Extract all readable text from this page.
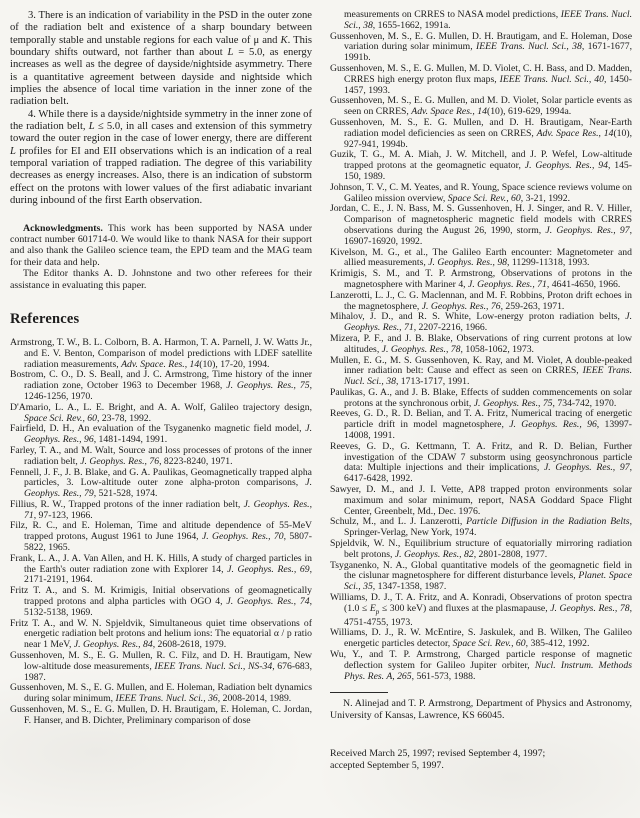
3. There is an indication of variability in the PSD in the outer zone of the radiation belt and existence of a sharp boundary between temporally stable and unstable regions for each value of μ and K. This boundary shifts outward, not farther than about L = 5.0, as energy increases as well as the degree of dayside/nightside asymmetry. There is a quantitative agreement between dayside and nightside which implies the absence of local time variation in the inner zone of the radiation belt.

4. While there is a dayside/nightside symmetry in the inner zone of the radiation belt, L ≤ 5.0, in all cases and extension of this symmetry toward the outer region in the case of lower energy, there are different L profiles for EI and EII observations which is an indication of a real temporal variation of trapped radiation. The degree of this variability decreases as energy increases. Also, there is an indication of substorm effect on the protons with lower values of the first adiabatic invariant during inbound of the first Earth observation.

Acknowledgments. This work has been supported by NASA under contract number 601714-0. We would like to thank NASA for their support and also thank the Galileo science team, the EPD team and the MAG team for their data and help.

The Editor thanks A. D. Johnstone and two other referees for their assistance in evaluating this paper.

References

Armstrong, T. W., B. L. Colborn, B. A. Harmon, T. A. Parnell, J. W. Watts Jr., and E. V. Benton, Comparison of model predictions with LDEF satellite radiation measurements, Adv. Space. Res., 14(10), 17-20, 1994.

Bostrom, C. O., D. S. Beall, and J. C. Armstrong, Time history of the inner radiation zone, October 1963 to December 1968, J. Geophys. Res., 75, 1246-1256, 1970.

D'Amario, L. A., L. E. Bright, and A. A. Wolf, Galileo trajectory design, Space Sci. Rev., 60, 23-78, 1992.

Fairfield, D. H., An evaluation of the Tsyganenko magnetic field model, J. Geophys. Res., 96, 1481-1494, 1991.

Farley, T. A., and M. Walt, Source and loss processes of protons of the inner radiation belt, J. Geophys. Res., 76, 8223-8240, 1971.

Fennell, J. F., J. B. Blake, and G. A. Paulikas, Geomagnetically trapped alpha particles, 3. Low-altitude outer zone alpha-proton comparisons, J. Geophys. Res., 79, 521-528, 1974.

Fillius, R. W., Trapped protons of the inner radiation belt, J. Geophys. Res., 71, 97-123, 1966.

Filz, R. C., and E. Holeman, Time and altitude dependence of 55-MeV trapped protons, August 1961 to June 1964, J. Geophys. Res., 70, 5807-5822, 1965.

Frank, L. A., J. A. Van Allen, and H. K. Hills, A study of charged particles in the Earth's outer radiation zone with Explorer 14, J. Geophys. Res., 69, 2171-2191, 1964.

Fritz T. A., and S. M. Krimigis, Initial observations of geomagnetically trapped protons and alpha particles with OGO 4, J. Geophys. Res., 74, 5132-5138, 1969.

Fritz T. A., and W. N. Spjeldvik, Simultaneous quiet time observations of energetic radiation belt protons and helium ions: The equatorial α / p ratio near 1 MeV, J. Geophys. Res., 84, 2608-2618, 1979.

Gussenhoven, M. S., E. G. Mullen, R. C. Filz, and D. H. Brautigam, New low-altitude dose measurements, IEEE Trans. Nucl. Sci., NS-34, 676-683, 1987.

Gussenhoven, M. S., E. G. Mullen, and E. Holeman, Radiation belt dynamics during solar minimum, IEEE Trans. Nucl. Sci., 36, 2008-2014, 1989.

Gussenhoven, M. S., E. G. Mullen, D. H. Brautigam, E. Holeman, C. Jordan, F. Hanser, and B. Dichter, Preliminary comparison of dose

measurements on CRRES to NASA model predictions, IEEE Trans. Nucl. Sci., 38, 1655-1662, 1991a.

Gussenhoven, M. S., E. G. Mullen, D. H. Brautigam, and E. Holeman, Dose variation during solar minimum, IEEE Trans. Nucl. Sci., 38, 1671-1677, 1991b.

Gussenhoven, M. S., E. G. Mullen, M. D. Violet, C. H. Bass, and D. Madden, CRRES high energy proton flux maps, IEEE Trans. Nucl. Sci., 40, 1450-1457, 1993.

Gussenhoven, M. S., E. G. Mullen, and M. D. Violet, Solar particle events as seen on CRRES, Adv. Space Res., 14(10), 619-629, 1994a.

Gussenhoven, M. S., E. G. Mullen, and D. H. Brautigam, Near-Earth radiation model deficiencies as seen on CRRES, Adv. Space Res., 14(10), 927-941, 1994b.

Guzik, T. G., M. A. Miah, J. W. Mitchell, and J. P. Wefel, Low-altitude trapped protons at the geomagnetic equator, J. Geophys. Res., 94, 145-150, 1989.

Johnson, T. V., C. M. Yeates, and R. Young, Space science reviews volume on Galileo mission overview, Space Sci. Rev., 60, 3-21, 1992.

Jordan, C. E., J. N. Bass, M. S. Gussenhoven, H. J. Singer, and R. V. Hiller, Comparison of magnetospheric magnetic field models with CRRES observations during the August 26, 1990, storm, J. Geophys. Res., 97, 16907-16920, 1992.

Kivelson, M. G., et al., The Galileo Earth encounter: Magnetometer and allied measurements, J. Geophys. Res., 98, 11299-11318, 1993.

Krimigis, S. M., and T. P. Armstrong, Observations of protons in the magnetosphere with Mariner 4, J. Geophys. Res., 71, 4641-4650, 1966.

Lanzerotti, L. J., C. G. Maclennan, and M. F. Robbins, Proton drift echoes in the magnetosphere, J. Geophys. Res., 76, 259-263, 1971.

Mihalov, J. D., and R. S. White, Low-energy proton radiation belts, J. Geophys. Res., 71, 2207-2216, 1966.

Mizera, P. F., and J. B. Blake, Observations of ring current protons at low altitudes, J. Geophys. Res., 78, 1058-1062, 1973.

Mullen, E. G., M. S. Gussenhoven, K. Ray, and M. Violet, A double-peaked inner radiation belt: Cause and effect as seen on CRRES, IEEE Trans. Nucl. Sci., 38, 1713-1717, 1991.

Paulikas, G. A., and J. B. Blake, Effects of sudden commencements on solar protons at the synchronous orbit, J. Geophys. Res., 75, 734-742, 1970.

Reeves, G. D., R. D. Belian, and T. A. Fritz, Numerical tracing of energetic particle drift in model magnetosphere, J. Geophys. Res., 96, 13997-14008, 1991.

Reeves, G. D., G. Kettmann, T. A. Fritz, and R. D. Belian, Further investigation of the CDAW 7 substorm using geosynchronous particle data: Multiple injections and their implications, J. Geophys. Res., 97, 6417-6428, 1992.

Sawyer, D. M., and J. I. Vette, AP8 trapped proton environments solar maximum and solar minimum, report, NASA Goddard Space Flight Center, Greenbelt, Md., Dec. 1976.

Schulz, M., and L. J. Lanzerotti, Particle Diffusion in the Radiation Belts, Springer-Verlag, New York, 1974.

Spjeldvik, W. N., Equilibrium structure of equatorially mirroring radiation belt protons, J. Geophys. Res., 82, 2801-2808, 1977.

Tsyganenko, N. A., Global quantitative models of the geomagnetic field in the cislunar magnetosphere for different disturbance levels, Planet. Space Sci., 35, 1347-1358, 1987.

Williams, D. J., T. A. Fritz, and A. Konradi, Observations of proton spectra ($1.0 \le E_p \le 300$ keV) and fluxes at the plasmapause, J. Geophys. Res., 78, 4751-4755, 1973.

Williams, D. J., R. W. McEntire, S. Jaskulek, and B. Wilken, The Galileo energetic particles detector, Space Sci. Rev., 60, 385-412, 1992.

Wu, Y., and T. P. Armstrong, Charged particle response of magnetic deflection system for Galileo Jupiter orbiter, Nucl. Instrum. Methods Phys. Res. A, 265, 561-573, 1988.

N. Alinejad and T. P. Armstrong, Department of Physics and Astronomy, University of Kansas, Lawrence, KS 66045.

Received March 25, 1997; revised September 4, 1997;

accepted September 5, 1997.
